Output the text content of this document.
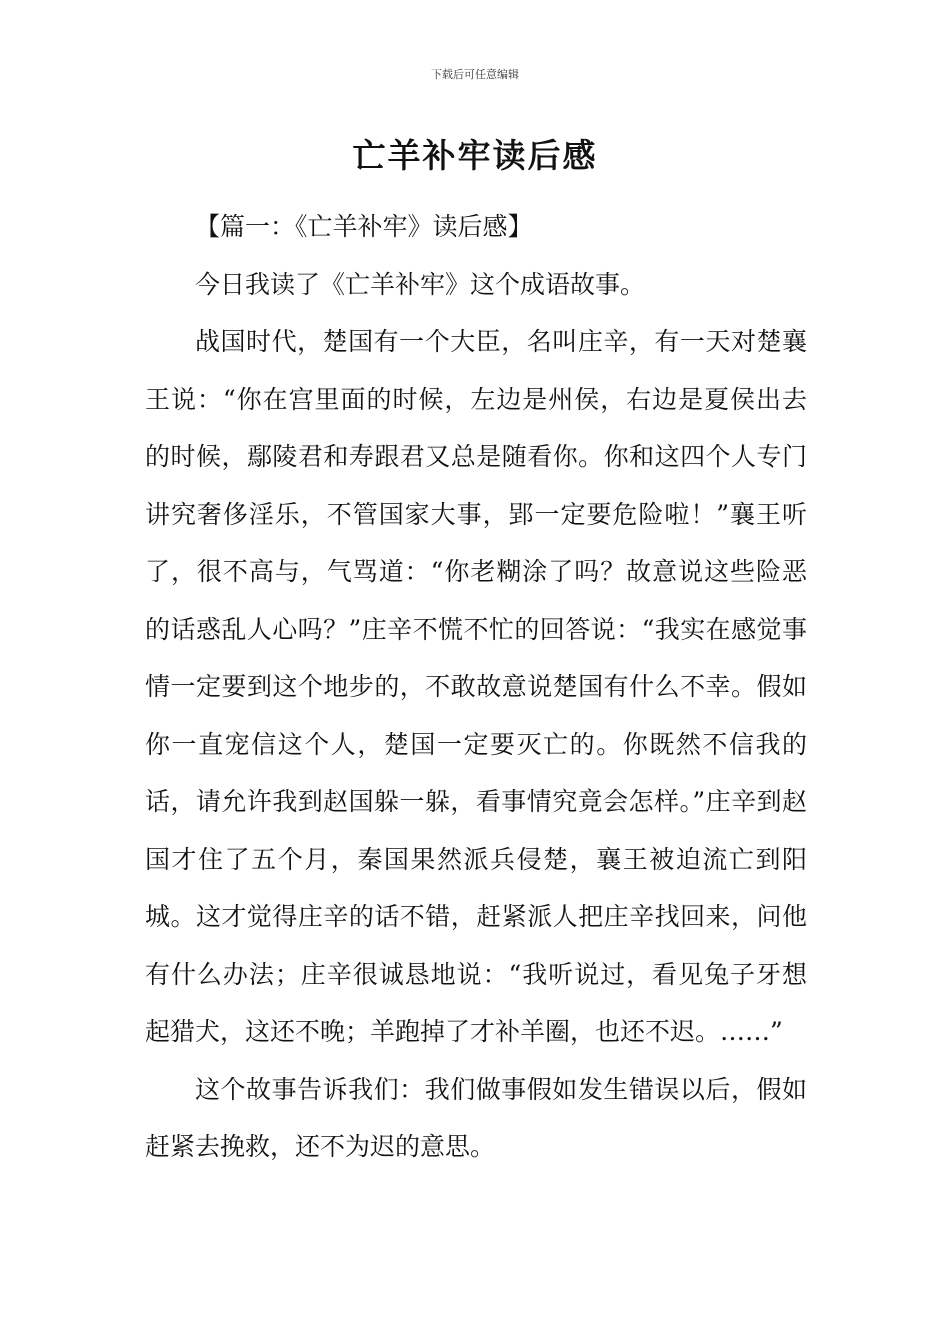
下载后可任意编辑
亡羊补牢读后感

【篇一：《亡羊补牢》读后感】

今日我读了《亡羊补牢》这个成语故事。

战国时代，楚国有一个大臣，名叫庄辛，有一天对楚襄王说：“你在宫里面的时候，左边是州侯，右边是夏侯出去的时候，鄢陵君和寿跟君又总是随看你。你和这四个人专门讲究奢侈淫乐，不管国家大事，郢一定要危险啦！”襄王听了，很不高与，气骂道：“你老糊涂了吗？故意说这些险恶的话惑乱人心吗？”庄辛不慌不忙的回答说：“我实在感觉事情一定要到这个地步的，不敢故意说楚国有什么不幸。假如你一直宠信这个人，楚国一定要灭亡的。你既然不信我的话，请允许我到赵国躲一躲，看事情究竟会怎样。”庄辛到赵国才住了五个月，秦国果然派兵侵楚，襄王被迫流亡到阳城。这才觉得庄辛的话不错，赶紧派人把庄辛找回来，问他有什么办法；庄辛很诚恳地说：“我听说过，看见兔子牙想起猎犬，这还不晚；羊跑掉了才补羊圈，也还不迟。……”

这个故事告诉我们：我们做事假如发生错误以后，假如赶紧去挽救，还不为迟的意思。
